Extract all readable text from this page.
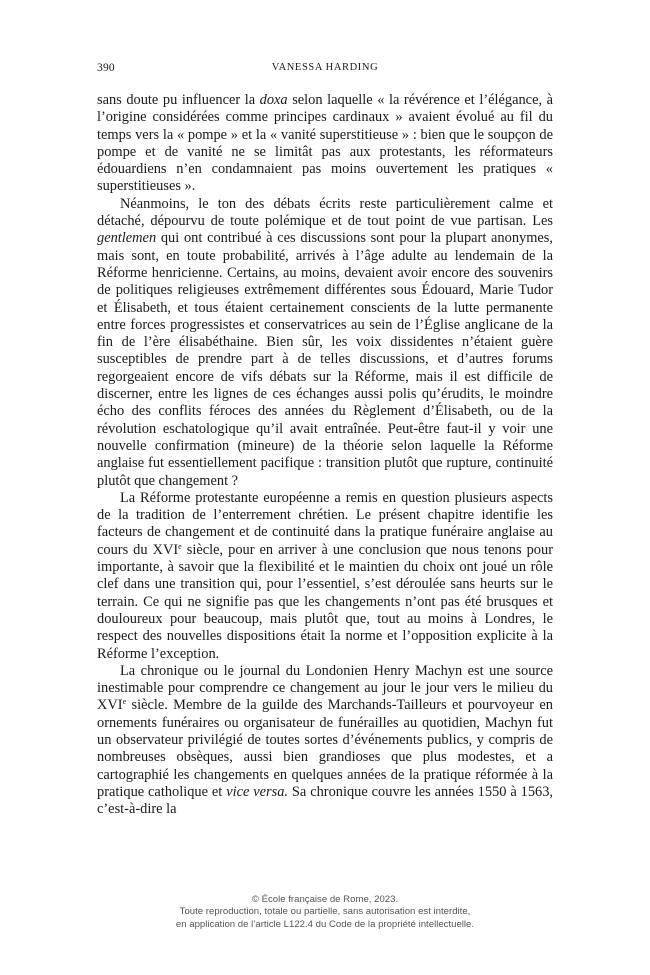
390	VANESSA HARDING

sans doute pu influencer la doxa selon laquelle « la révérence et l’élégance, à l’origine considérées comme principes cardinaux » avaient évolué au fil du temps vers la « pompe » et la « vanité superstitieuse » : bien que le soupçon de pompe et de vanité ne se limitât pas aux protestants, les réformateurs édouardiens n’en condamnaient pas moins ouvertement les pratiques « superstitieuses ».

Néanmoins, le ton des débats écrits reste particulièrement calme et détaché, dépourvu de toute polémique et de tout point de vue partisan. Les gentlemen qui ont contribué à ces discussions sont pour la plupart anonymes, mais sont, en toute probabilité, arrivés à l’âge adulte au lendemain de la Réforme henricienne. Certains, au moins, devaient avoir encore des souvenirs de politiques religieuses extrêmement différentes sous Édouard, Marie Tudor et Élisabeth, et tous étaient certainement conscients de la lutte permanente entre forces progressistes et conservatrices au sein de l’Église anglicane de la fin de l’ère élisabéthaine. Bien sûr, les voix dissidentes n’étaient guère susceptibles de prendre part à de telles discussions, et d’autres forums regorgeaient encore de vifs débats sur la Réforme, mais il est difficile de discerner, entre les lignes de ces échanges aussi polis qu’érudits, le moindre écho des conflits féroces des années du Règlement d’Élisabeth, ou de la révolution eschatologique qu’il avait entraînée. Peut-être faut-il y voir une nouvelle confirmation (mineure) de la théorie selon laquelle la Réforme anglaise fut essentiellement pacifique : transition plutôt que rupture, continuité plutôt que changement ?

La Réforme protestante européenne a remis en question plusieurs aspects de la tradition de l’enterrement chrétien. Le présent chapitre identifie les facteurs de changement et de continuité dans la pratique funéraire anglaise au cours du XVIe siècle, pour en arriver à une conclusion que nous tenons pour importante, à savoir que la flexibilité et le maintien du choix ont joué un rôle clef dans une transition qui, pour l’essentiel, s’est déroulée sans heurts sur le terrain. Ce qui ne signifie pas que les changements n’ont pas été brusques et douloureux pour beaucoup, mais plutôt que, tout au moins à Londres, le respect des nouvelles dispositions était la norme et l’opposition explicite à la Réforme l’exception.

La chronique ou le journal du Londonien Henry Machyn est une source inestimable pour comprendre ce changement au jour le jour vers le milieu du XVIe siècle. Membre de la guilde des Marchands-Tailleurs et pourvoyeur en ornements funéraires ou organisateur de funérailles au quotidien, Machyn fut un observateur privilégié de toutes sortes d’événements publics, y compris de nombreuses obsèques, aussi bien grandioses que plus modestes, et a cartographié les changements en quelques années de la pratique réformée à la pratique catholique et vice versa. Sa chronique couvre les années 1550 à 1563, c’est-à-dire la

© École française de Rome, 2023.
Toute reproduction, totale ou partielle, sans autorisation est interdite,
en application de l’article L122.4 du Code de la propriété intellectuelle.
